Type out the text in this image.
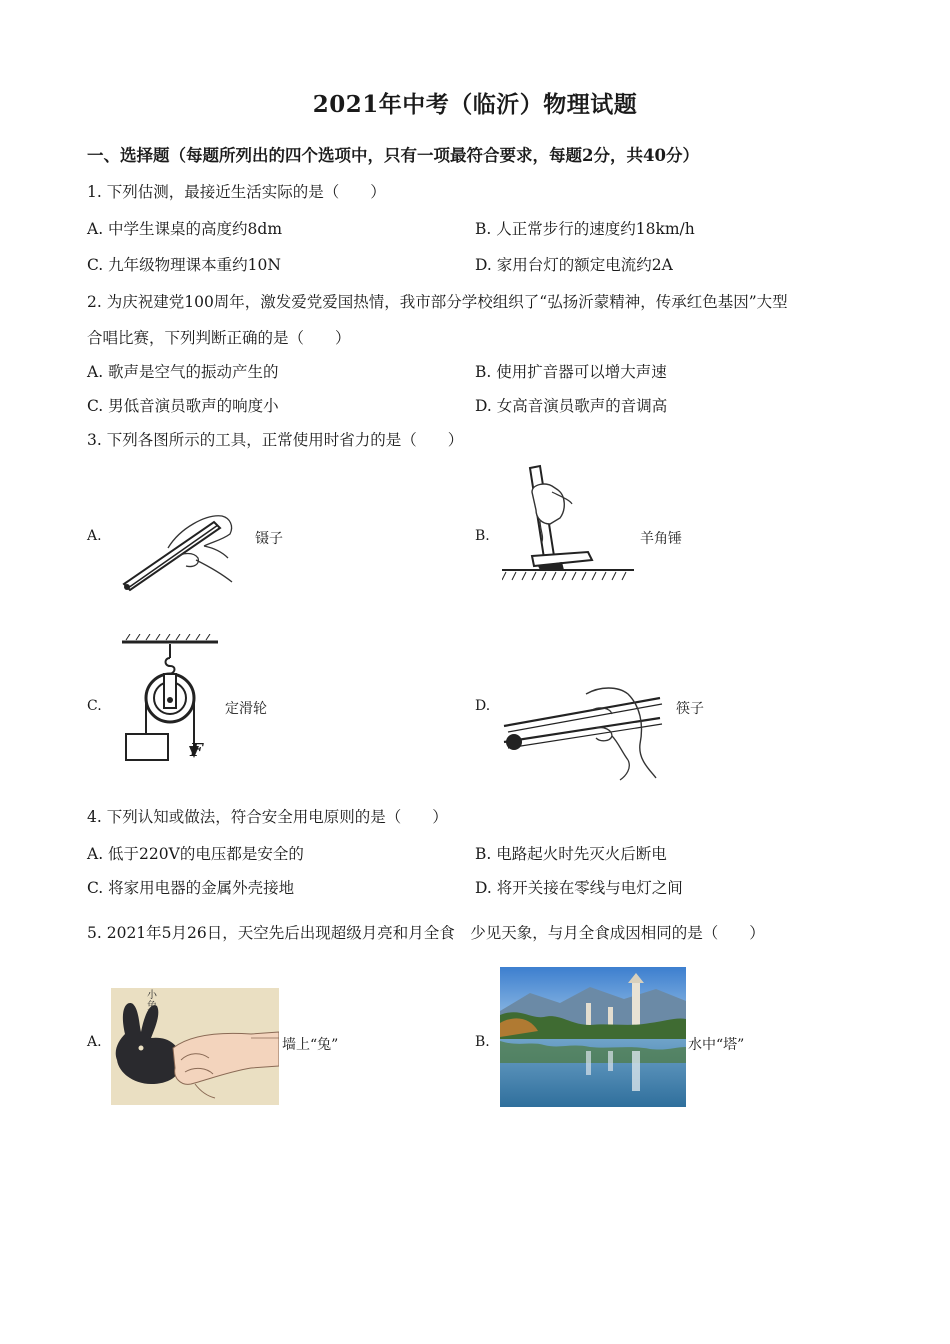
2021年中考（临沂）物理试题
一、选择题（每题所列出的四个选项中，只有一项最符合要求，每题2分，共40分）
1. 下列估测，最接近生活实际的是（　　）
A. 中学生课桌的高度约8dm	B. 人正常步行的速度约18km/h
C. 九年级物理课本重约10N	D. 家用台灯的额定电流约2A
2. 为庆祝建党100周年，激发爱党爱国热情，我市部分学校组织了“弘扬沂蒙精神，传承红色基因”大型
合唱比赛，下列判断正确的是（　　）
A. 歌声是空气的振动产生的	B. 使用扩音器可以增大声速
C. 男低音演员歌声的响度小	D. 女高音演员歌声的音调高
3. 下列各图所示的工具，正常使用时省力的是（　　）
A.	镊子	B.	羊角锤
C.
F
定滑轮	D.	筷子
4. 下列认知或做法，符合安全用电原则的是（　　）
A. 低于220V的电压都是安全的	B. 电路起火时先灭火后断电
C. 将家用电器的金属外壳接地	D. 将开关接在零线与电灯之间
5. 2021年5月26日，天空先后出现超级月亮和月全食　少见天象，与月全食成因相同的是（　　）
A.
小兔
墙上“兔”	B.	水中“塔”
